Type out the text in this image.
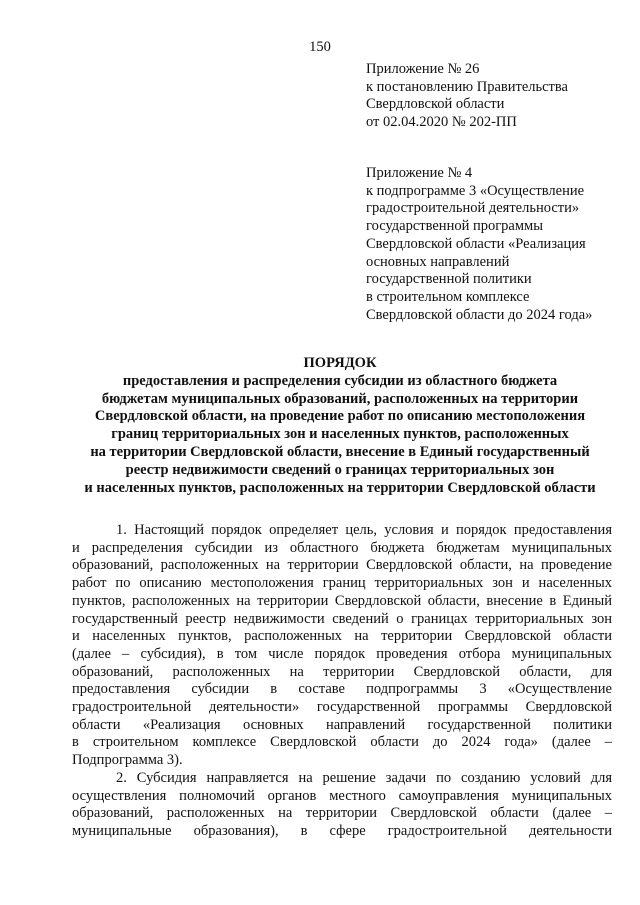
150
Приложение № 26
к постановлению Правительства
Свердловской области
от 02.04.2020 № 202-ПП
Приложение № 4
к подпрограмме 3 «Осуществление
градостроительной деятельности»
государственной программы
Свердловской области «Реализация
основных направлений
государственной политики
в строительном комплексе
Свердловской области до 2024 года»
ПОРЯДОК
предоставления и распределения субсидии из областного бюджета
бюджетам муниципальных образований, расположенных на территории
Свердловской области, на проведение работ по описанию местоположения
границ территориальных зон и населенных пунктов, расположенных
на территории Свердловской области, внесение в Единый государственный
реестр недвижимости сведений о границах территориальных зон
и населенных пунктов, расположенных на территории Свердловской области
1. Настоящий порядок определяет цель, условия и порядок предоставления
и распределения субсидии из областного бюджета бюджетам муниципальных
образований, расположенных на территории Свердловской области, на проведение
работ по описанию местоположения границ территориальных зон и населенных
пунктов, расположенных на территории Свердловской области, внесение в Единый
государственный реестр недвижимости сведений о границах территориальных зон
и населенных пунктов, расположенных на территории Свердловской области
(далее – субсидия), в том числе порядок проведения отбора муниципальных
образований, расположенных на территории Свердловской области, для
предоставления субсидии в составе подпрограммы 3 «Осуществление
градостроительной деятельности» государственной программы Свердловской
области «Реализация основных направлений государственной политики
в строительном комплексе Свердловской области до 2024 года» (далее –
Подпрограмма 3).
2. Субсидия направляется на решение задачи по созданию условий для
осуществления полномочий органов местного самоуправления муниципальных
образований, расположенных на территории Свердловской области (далее –
муниципальные образования), в сфере градостроительной деятельности
